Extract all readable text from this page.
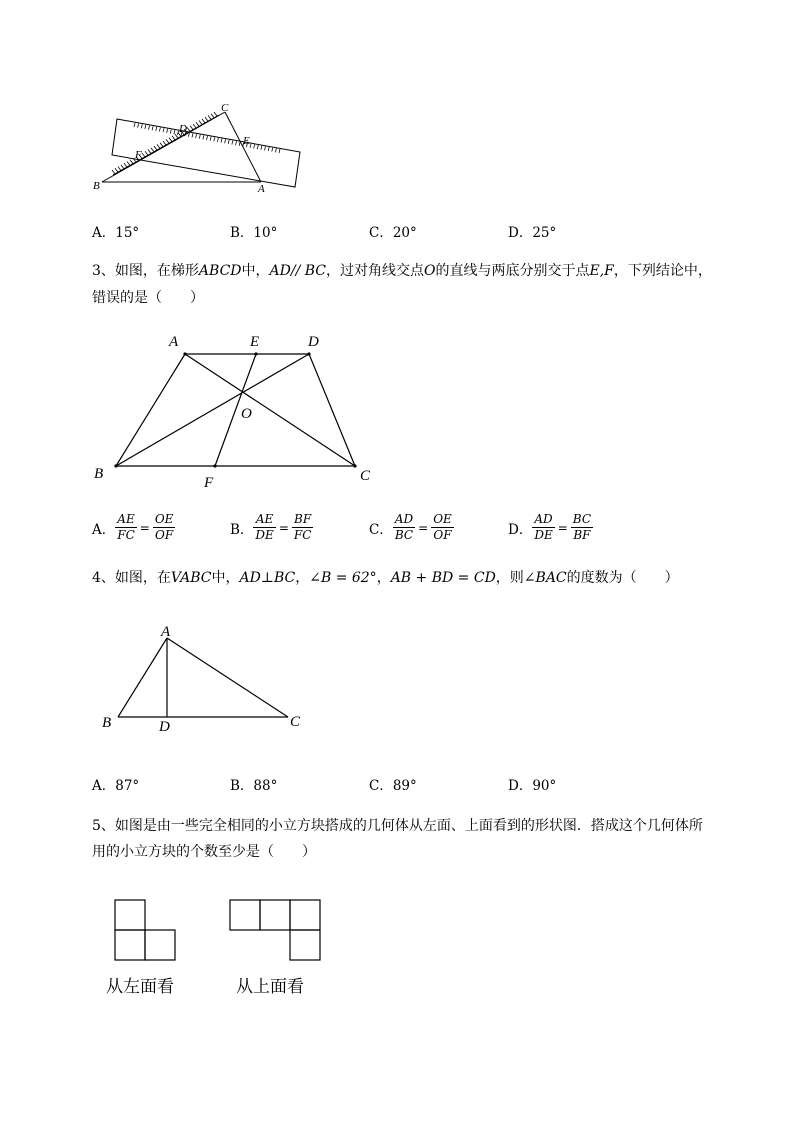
C
D
E
F
B	A
A．15°	B．10°	C．20°	D．25°
3、如图，在梯形ABCD中，AD// BC，过对角线交点O的直线与两底分别交于点E,F，下列结论中，
错误的是（　　）
A	E	D
O
B
F	C
A． $\frac{AE}{FC} = \frac{OE}{OF}$	B． $\frac{AE}{DE} = \frac{BF}{FC}$	C． $\frac{AD}{BC} = \frac{OE}{OF}$	D． $\frac{AD}{DE} = \frac{BC}{BF}$
4、如图，在VABC中，AD⊥BC，∠B = 62°，AB + BD = CD，则∠BAC的度数为（　　）
A
B	D	C
A．87°	B．88°	C．89°	D．90°
5、如图是由一些完全相同的小立方块搭成的几何体从左面、上面看到的形状图．搭成这个几何体所
用的小立方块的个数至少是（　　）
从左面看	从上面看
